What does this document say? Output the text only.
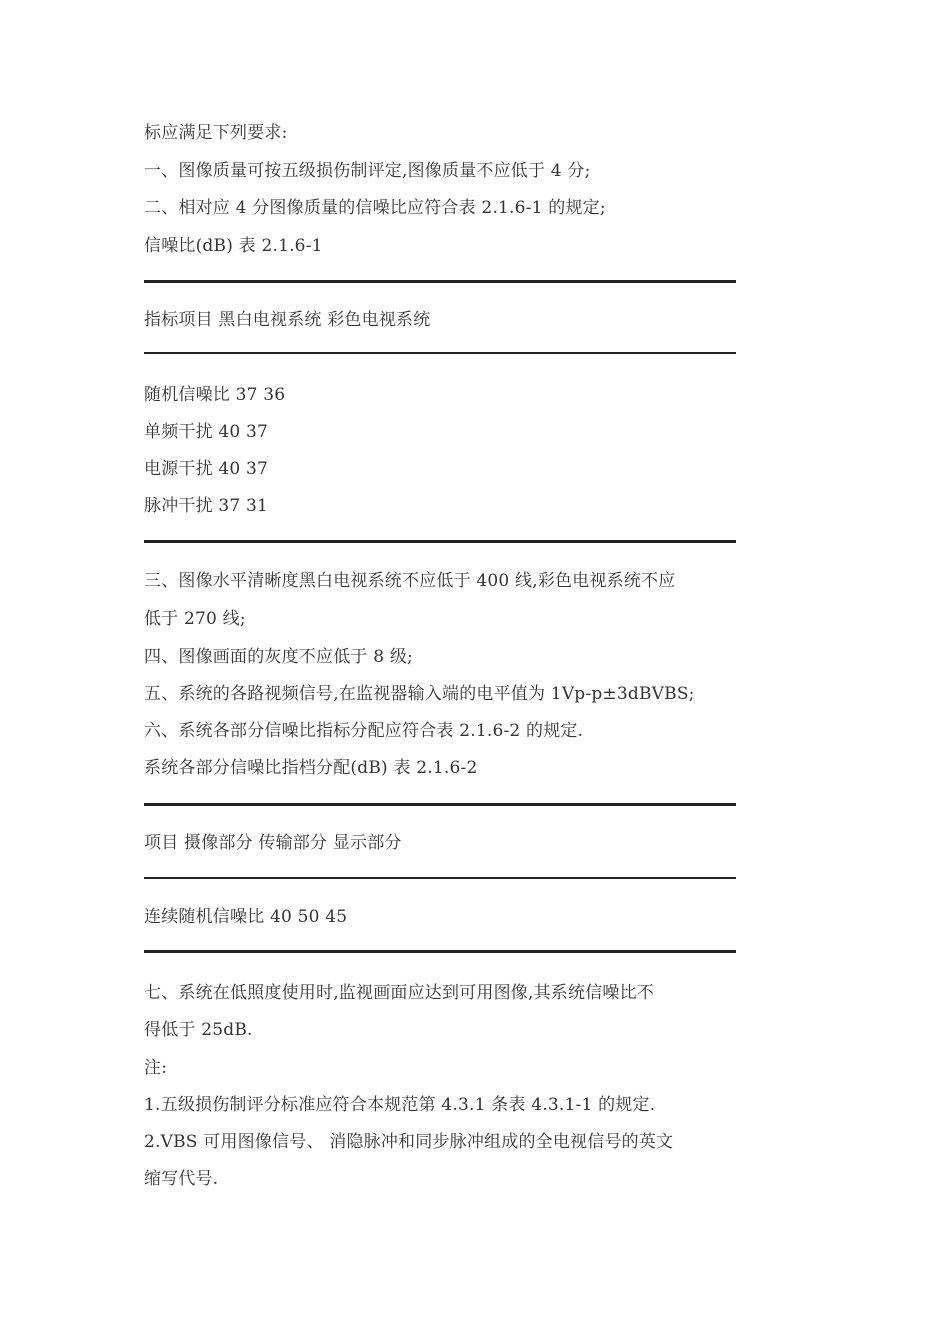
标应满足下列要求:
一、图像质量可按五级损伤制评定,图像质量不应低于 4 分;
二、相对应 4 分图像质量的信噪比应符合表 2.1.6-1 的规定;
信噪比(dB) 表 2.1.6-1
指标项目 黑白电视系统 彩色电视系统
随机信噪比 37 36
单频干扰 40 37
电源干扰 40 37
脉冲干扰 37 31
三、图像水平清晰度黑白电视系统不应低于 400 线,彩色电视系统不应
低于 270 线;
四、图像画面的灰度不应低于 8 级;
五、系统的各路视频信号,在监视器输入端的电平值为 1Vp-p±3dBVBS;
六、系统各部分信噪比指标分配应符合表 2.1.6-2 的规定.
系统各部分信噪比指档分配(dB) 表 2.1.6-2
项目 摄像部分 传输部分 显示部分
连续随机信噪比 40 50 45
七、系统在低照度使用时,监视画面应达到可用图像,其系统信噪比不
得低于 25dB.
注:
1.五级损伤制评分标准应符合本规范第 4.3.1 条表 4.3.1-1 的规定.
2.VBS 可用图像信号、 消隐脉冲和同步脉冲组成的全电视信号的英文
缩写代号.
